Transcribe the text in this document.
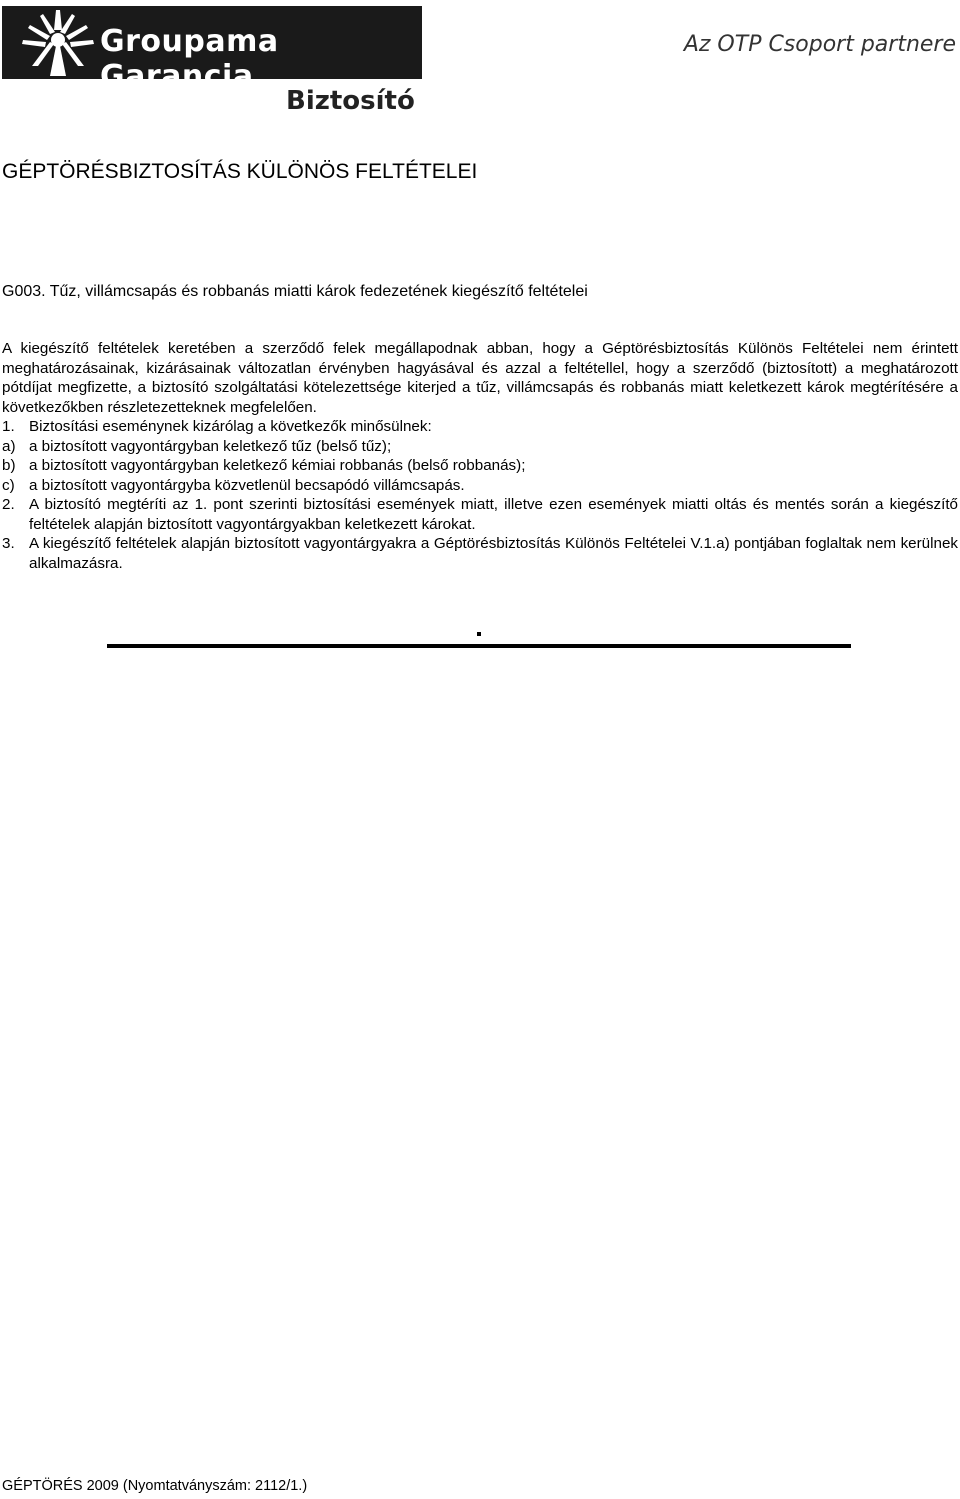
Groupama Garancia
Az OTP Csoport partnere
Biztosító
GÉPTÖRÉSBIZTOSÍTÁS KÜLÖNÖS FELTÉTELEI
G003. Tűz, villámcsapás és robbanás miatti károk fedezetének kiegészítő feltételei

A kiegészítő feltételek keretében a szerződő felek megállapodnak abban, hogy a Géptörésbiztosítás Különös Feltételei nem érintett meghatározásainak, kizárásainak változatlan érvényben hagyásával és azzal a feltétellel, hogy a szerződő (biztosított) a meghatározott pótdíjat megfizette, a biztosító szolgáltatási kötelezettsége kiterjed a tűz, villámcsapás és robbanás miatt keletkezett károk megtérítésére a következőkben részletezetteknek megfelelően.

1. Biztosítási eseménynek kizárólag a következők minősülnek:
a) a biztosított vagyontárgyban keletkező tűz (belső tűz);
b) a biztosított vagyontárgyban keletkező kémiai robbanás (belső robbanás);
c) a biztosított vagyontárgyba közvetlenül becsapódó villámcsapás.
2. A biztosító megtéríti az 1. pont szerinti biztosítási események miatt, illetve ezen események miatti oltás és mentés során a kiegészítő feltételek alapján biztosított vagyontárgyakban keletkezett károkat.
3. A kiegészítő feltételek alapján biztosított vagyontárgyakra a Géptörésbiztosítás Különös Feltételei V.1.a) pontjában foglaltak nem kerülnek alkalmazásra.
GÉPTÖRÉS 2009 (Nyomtatványszám: 2112/1.)
